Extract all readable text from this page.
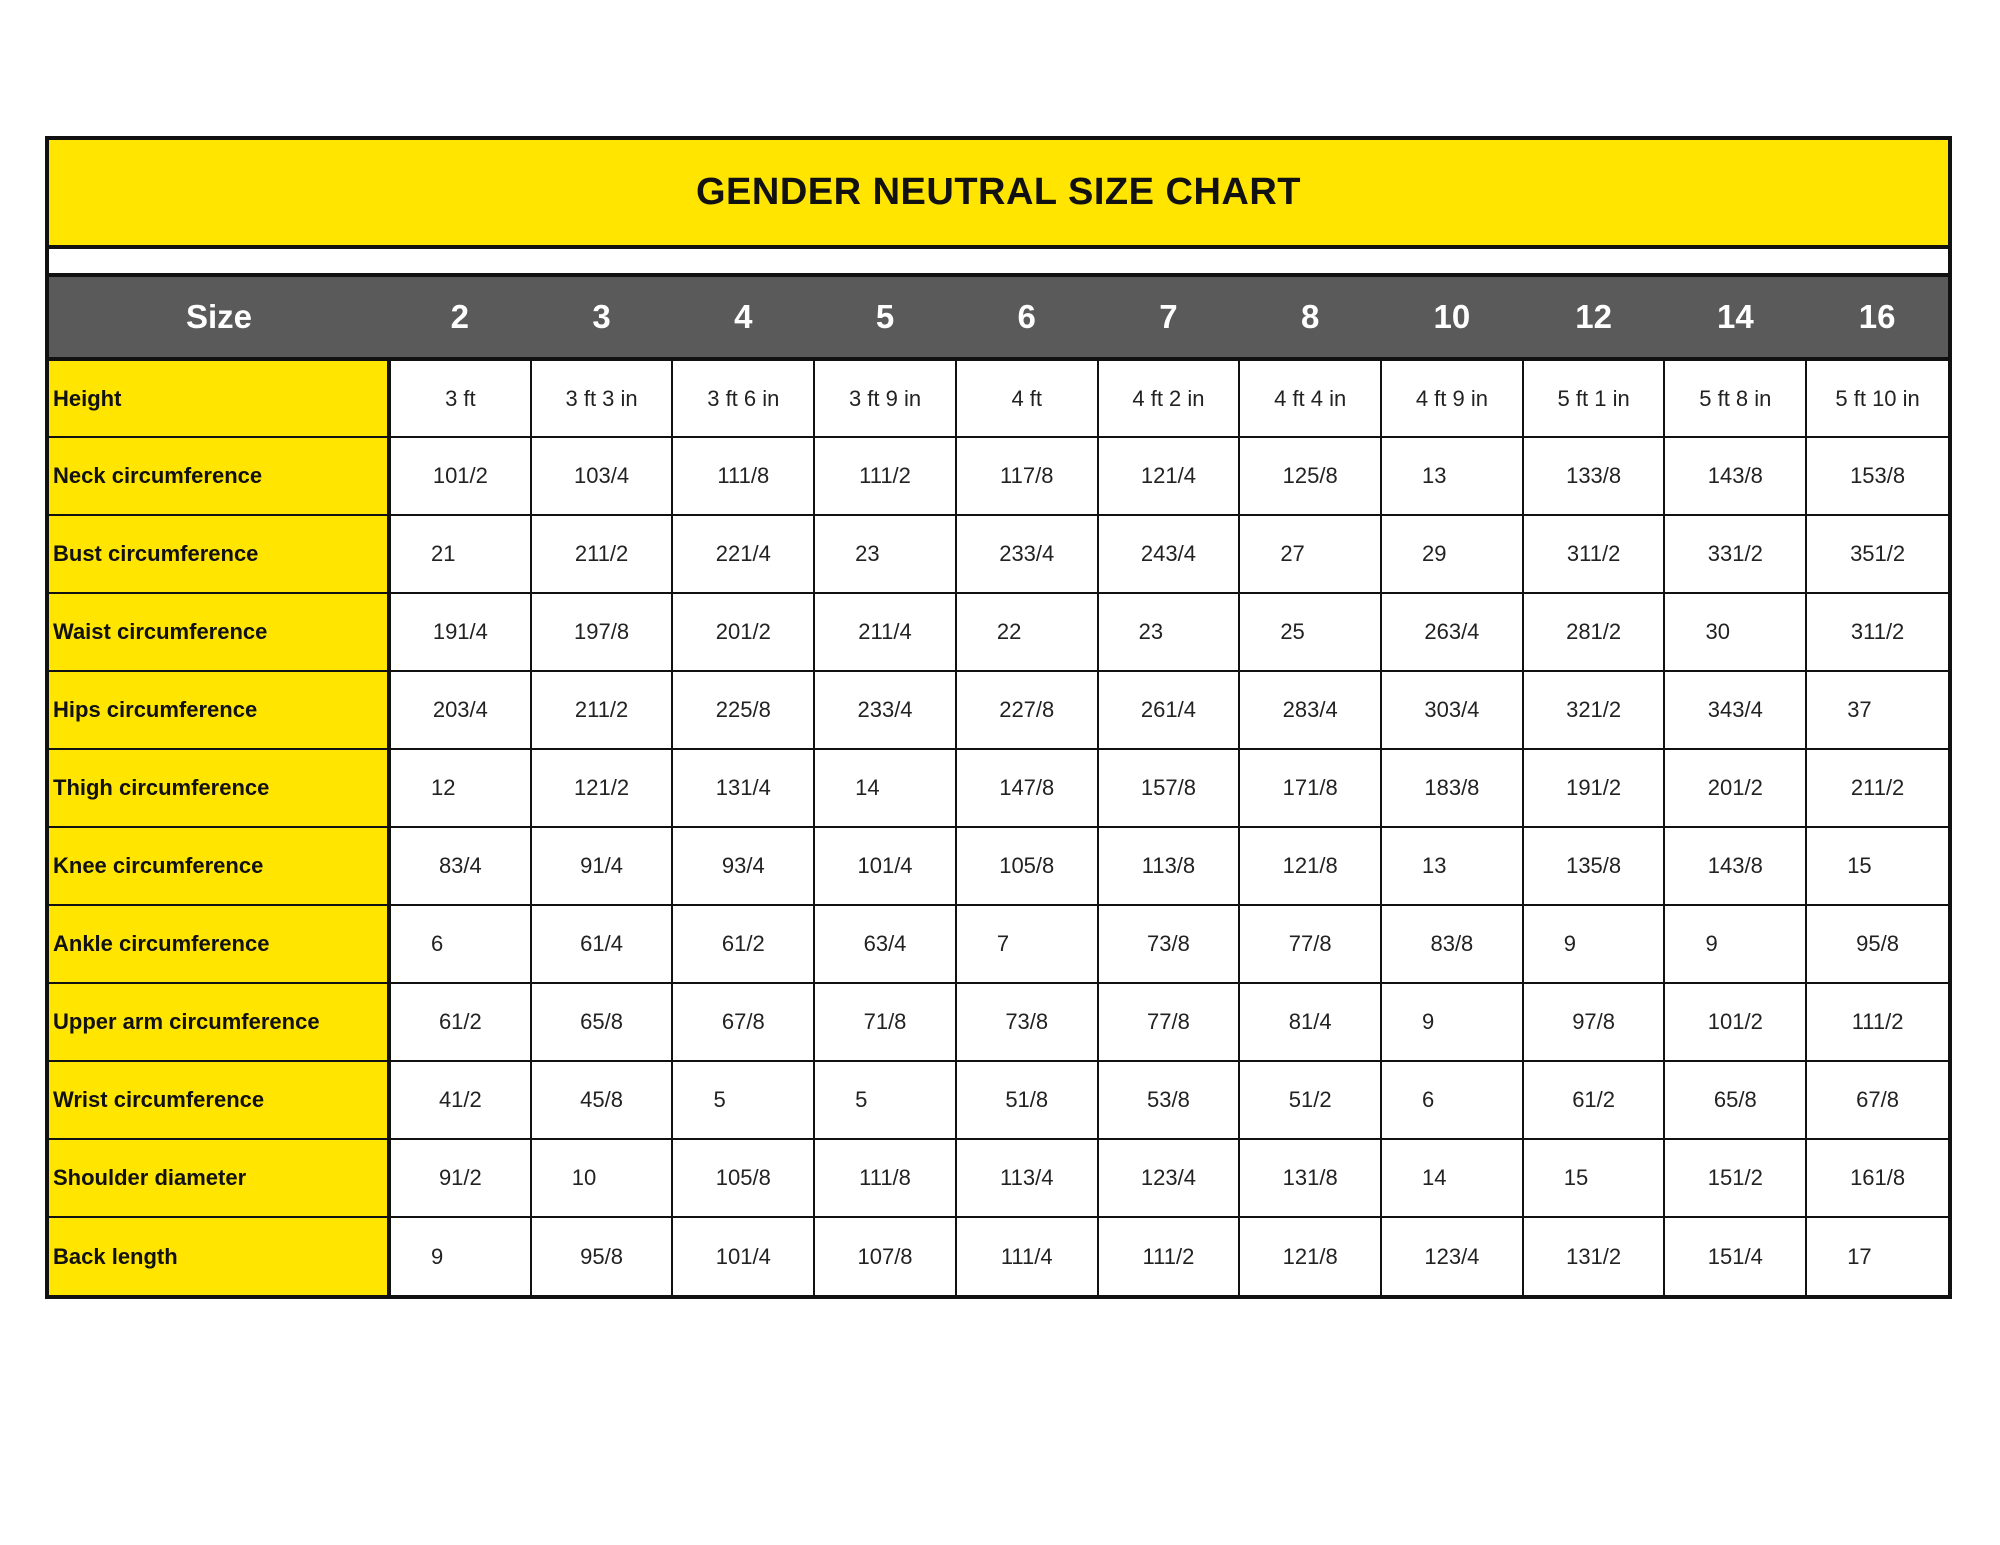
GENDER NEUTRAL SIZE CHART
Size	2	3	4	5	6	7	8	10	12	14	16
Height	3 ft	3 ft 3 in	3 ft 6 in	3 ft 9 in	4 ft	4 ft 2 in	4 ft 4 in	4 ft 9 in	5 ft 1 in	5 ft 8 in	5 ft 10 in
Neck circumference	101/2	103/4	111/8	111/2	117/8	121/4	125/8	13	133/8	143/8	153/8
Bust circumference	21	211/2	221/4	23	233/4	243/4	27	29	311/2	331/2	351/2
Waist circumference	191/4	197/8	201/2	211/4	22	23	25	263/4	281/2	30	311/2
Hips circumference	203/4	211/2	225/8	233/4	227/8	261/4	283/4	303/4	321/2	343/4	37
Thigh circumference	12	121/2	131/4	14	147/8	157/8	171/8	183/8	191/2	201/2	211/2
Knee circumference	83/4	91/4	93/4	101/4	105/8	113/8	121/8	13	135/8	143/8	15
Ankle circumference	6	61/4	61/2	63/4	7	73/8	77/8	83/8	9	9	95/8
Upper arm circumference	61/2	65/8	67/8	71/8	73/8	77/8	81/4	9	97/8	101/2	111/2
Wrist circumference	41/2	45/8	5	5	51/8	53/8	51/2	6	61/2	65/8	67/8
Shoulder diameter	91/2	10	105/8	111/8	113/4	123/4	131/8	14	15	151/2	161/8
Back length	9	95/8	101/4	107/8	111/4	111/2	121/8	123/4	131/2	151/4	17
